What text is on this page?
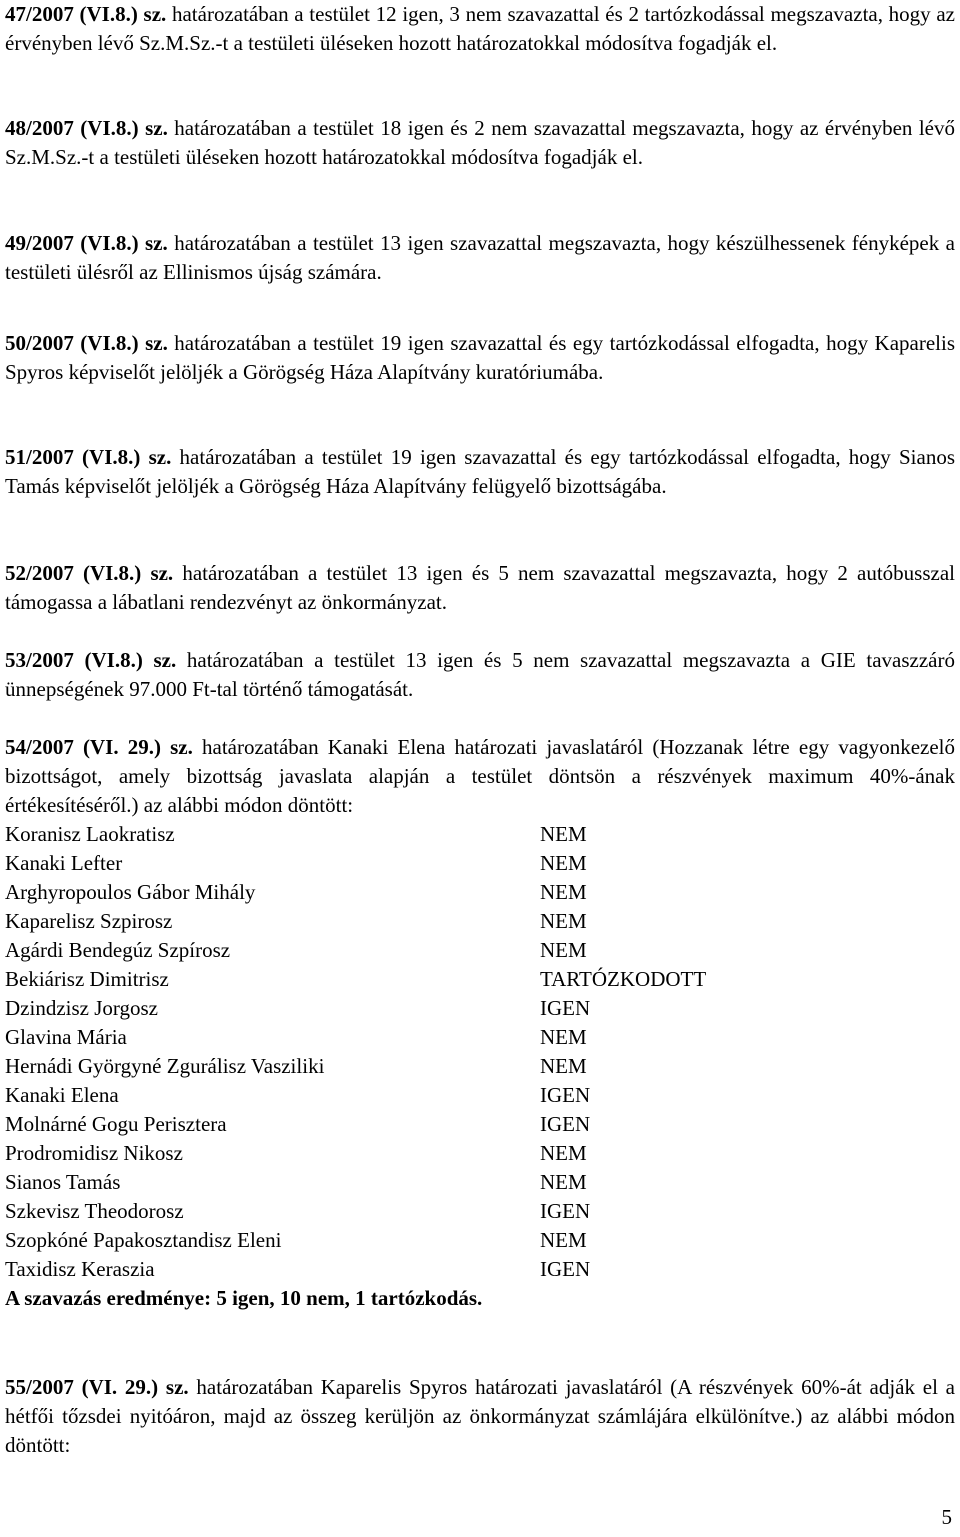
47/2007 (VI.8.) sz. határozatában a testület 12 igen, 3 nem szavazattal és 2 tartózkodással megszavazta, hogy az érvényben lévő Sz.M.Sz.-t a testületi üléseken hozott határozatokkal módosítva fogadják el.

48/2007 (VI.8.) sz. határozatában a testület 18 igen és 2 nem szavazattal megszavazta, hogy az érvényben lévő Sz.M.Sz.-t a testületi üléseken hozott határozatokkal módosítva fogadják el.

49/2007 (VI.8.) sz. határozatában a testület 13 igen szavazattal megszavazta, hogy készülhessenek fényképek a testületi ülésről az Ellinismos újság számára.

50/2007 (VI.8.) sz. határozatában a testület 19 igen szavazattal és egy tartózkodással elfogadta, hogy Kaparelis Spyros képviselőt jelöljék a Görögség Háza Alapítvány kuratóriumába.

51/2007 (VI.8.) sz. határozatában a testület 19 igen szavazattal és egy tartózkodással elfogadta, hogy Sianos Tamás képviselőt jelöljék a Görögség Háza Alapítvány felügyelő bizottságába.

52/2007 (VI.8.) sz. határozatában a testület 13 igen és 5 nem szavazattal megszavazta, hogy 2 autóbusszal támogassa a lábatlani rendezvényt az önkormányzat.

53/2007 (VI.8.) sz. határozatában a testület 13 igen és 5 nem szavazattal megszavazta a GIE tavaszzáró ünnepségének 97.000 Ft-tal történő támogatását.

54/2007 (VI. 29.) sz. határozatában Kanaki Elena határozati javaslatáról (Hozzanak létre egy vagyonkezelő bizottságot, amely bizottság javaslata alapján a testület döntsön a részvények maximum 40%-ának értékesítéséről.) az alábbi módon döntött:

Koranisz Laokratisz	NEM
Kanaki Lefter	NEM
Arghyropoulos Gábor Mihály	NEM
Kaparelisz Szpirosz	NEM
Agárdi Bendegúz Szpírosz	NEM
Bekiárisz Dimitrisz	TARTÓZKODOTT
Dzindzisz Jorgosz	IGEN
Glavina Mária	NEM
Hernádi Györgyné Zgurálisz Vasziliki	NEM
Kanaki Elena	IGEN
Molnárné Gogu Perisztera	IGEN
Prodromidisz Nikosz	NEM
Sianos Tamás	NEM
Szkevisz Theodorosz	IGEN
Szopkóné Papakosztandisz Eleni	NEM
Taxidisz Keraszia	IGEN
A szavazás eredménye: 5 igen, 10 nem, 1 tartózkodás.

55/2007 (VI. 29.) sz. határozatában Kaparelis Spyros határozati javaslatáról (A részvények 60%-át adják el a hétfői tőzsdei nyitóáron, majd az összeg kerüljön az önkormányzat számlájára elkülönítve.) az alábbi módon döntött:

5
